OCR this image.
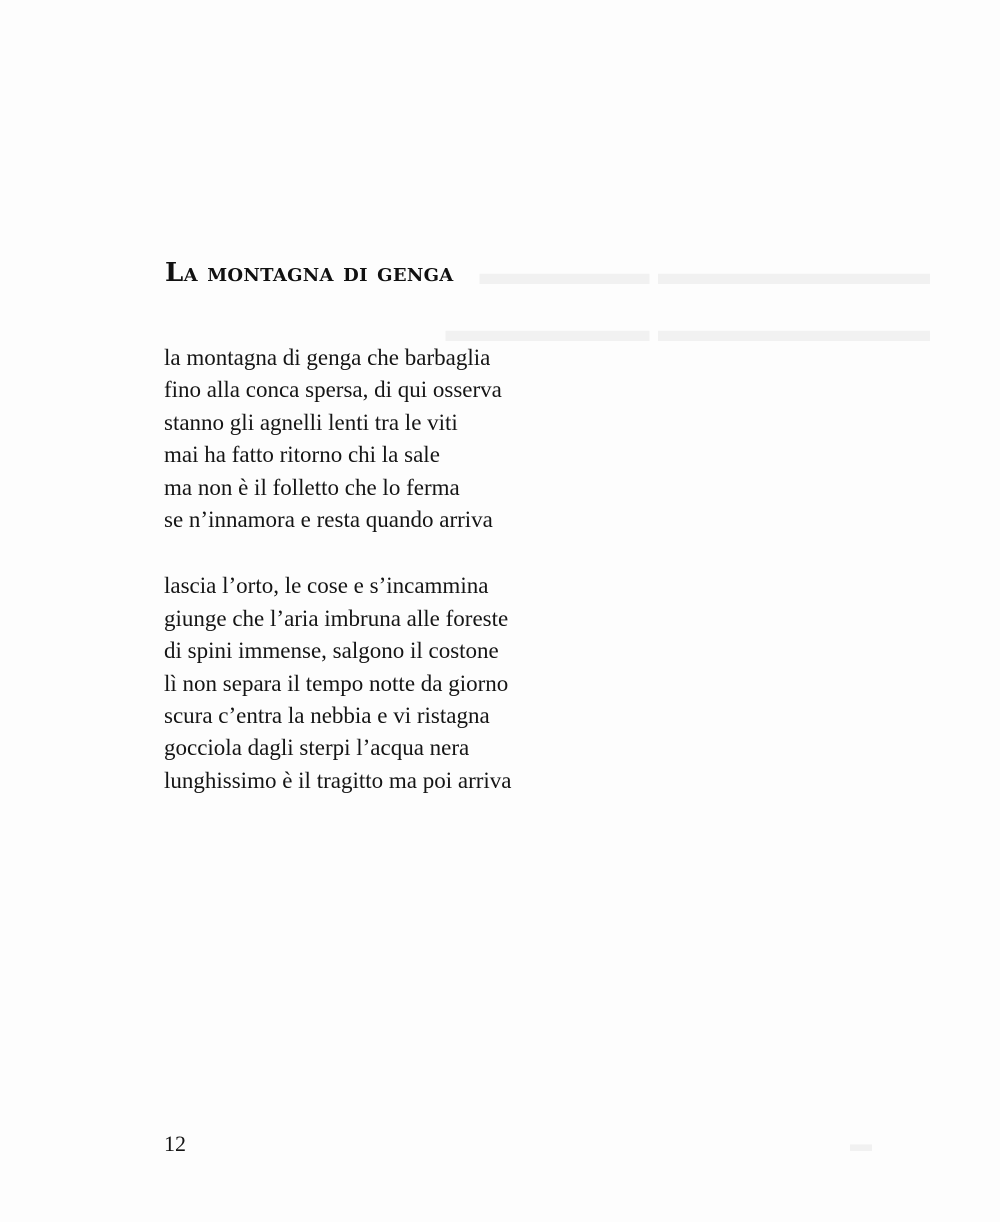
La montagna di genga
la montagna di genga che barbaglia
fino alla conca spersa, di qui osserva
stanno gli agnelli lenti tra le viti
mai ha fatto ritorno chi la sale
ma non è il folletto che lo ferma
se n’innamora e resta quando arriva
lascia l’orto, le cose e s’incammina
giunge che l’aria imbruna alle foreste
di spini immense, salgono il costone
lì non separa il tempo notte da giorno
scura c’entra la nebbia e vi ristagna
gocciola dagli sterpi l’acqua nera
lunghissimo è il tragitto ma poi arriva
12
